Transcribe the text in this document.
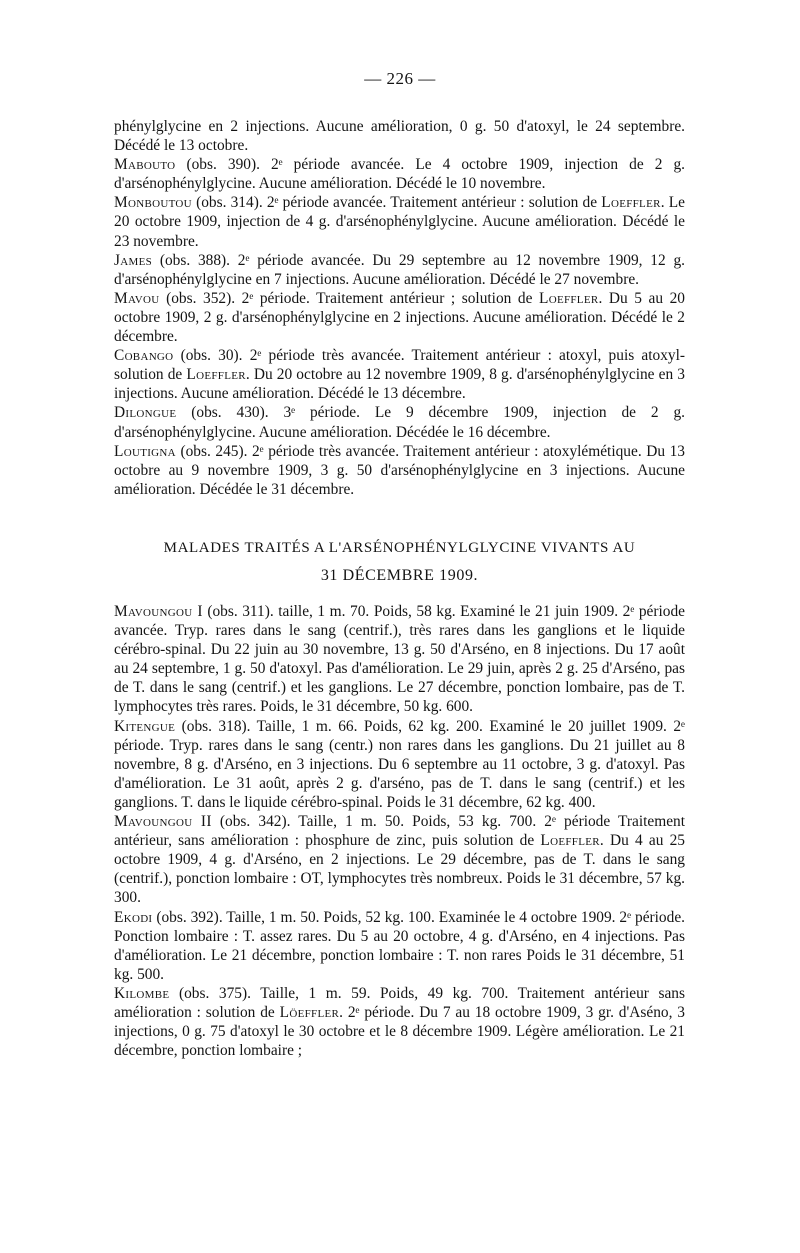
— 226 —

phénylglycine en 2 injections. Aucune amélioration, 0 g. 50 d'atoxyl, le 24 septembre. Décédé le 13 octobre.

Mabouto (obs. 390). 2ᵉ période avancée. Le 4 octobre 1909, injection de 2 g. d'arsénophénylglycine. Aucune amélioration. Décédé le 10 novembre.

Monboutou (obs. 314). 2ᵉ période avancée. Traitement antérieur : solution de Loeffler. Le 20 octobre 1909, injection de 4 g. d'arsénophénylglycine. Aucune amélioration. Décédé le 23 novembre.

James (obs. 388). 2ᵉ période avancée. Du 29 septembre au 12 novembre 1909, 12 g. d'arsénophénylglycine en 7 injections. Aucune amélioration. Décédé le 27 novembre.

Mavou (obs. 352). 2ᵉ période. Traitement antérieur ; solution de Loeffler. Du 5 au 20 octobre 1909, 2 g. d'arsénophénylglycine en 2 injections. Aucune amélioration. Décédé le 2 décembre.

Cobango (obs. 30). 2ᵉ période très avancée. Traitement antérieur : atoxyl, puis atoxyl-solution de Loeffler. Du 20 octobre au 12 novembre 1909, 8 g. d'arsénophénylglycine en 3 injections. Aucune amélioration. Décédé le 13 décembre.

Dilongue (obs. 430). 3ᵉ période. Le 9 décembre 1909, injection de 2 g. d'arsénophénylglycine. Aucune amélioration. Décédée le 16 décembre.

Loutigna (obs. 245). 2ᵉ période très avancée. Traitement antérieur : atoxylémétique. Du 13 octobre au 9 novembre 1909, 3 g. 50 d'arsénophénylglycine en 3 injections. Aucune amélioration. Décédée le 31 décembre.

MALADES TRAITÉS A L'ARSÉNOPHÉNYLGLYCINE VIVANTS AU
31 DÉCEMBRE 1909.

Mavoungou I (obs. 311). taille, 1 m. 70. Poids, 58 kg. Examiné le 21 juin 1909. 2ᵉ période avancée. Tryp. rares dans le sang (centrif.), très rares dans les ganglions et le liquide cérébro-spinal. Du 22 juin au 30 novembre, 13 g. 50 d'Arséno, en 8 injections. Du 17 août au 24 septembre, 1 g. 50 d'atoxyl. Pas d'amélioration. Le 29 juin, après 2 g. 25 d'Arséno, pas de T. dans le sang (centrif.) et les ganglions. Le 27 décembre, ponction lombaire, pas de T. lymphocytes très rares. Poids, le 31 décembre, 50 kg. 600.

Kitengue (obs. 318). Taille, 1 m. 66. Poids, 62 kg. 200. Examiné le 20 juillet 1909. 2ᵉ période. Tryp. rares dans le sang (centr.) non rares dans les ganglions. Du 21 juillet au 8 novembre, 8 g. d'Arséno, en 3 injections. Du 6 septembre au 11 octobre, 3 g. d'atoxyl. Pas d'amélioration. Le 31 août, après 2 g. d'arséno, pas de T. dans le sang (centrif.) et les ganglions. T. dans le liquide cérébro-spinal. Poids le 31 décembre, 62 kg. 400.

Mavoungou II (obs. 342). Taille, 1 m. 50. Poids, 53 kg. 700. 2ᵉ période Traitement antérieur, sans amélioration : phosphure de zinc, puis solution de Loeffler. Du 4 au 25 octobre 1909, 4 g. d'Arséno, en 2 injections. Le 29 décembre, pas de T. dans le sang (centrif.), ponction lombaire : OT, lymphocytes très nombreux. Poids le 31 décembre, 57 kg. 300.

Ekodi (obs. 392). Taille, 1 m. 50. Poids, 52 kg. 100. Examinée le 4 octobre 1909. 2ᵉ période. Ponction lombaire : T. assez rares. Du 5 au 20 octobre, 4 g. d'Arséno, en 4 injections. Pas d'amélioration. Le 21 décembre, ponction lombaire : T. non rares Poids le 31 décembre, 51 kg. 500.

Kilombe (obs. 375). Taille, 1 m. 59. Poids, 49 kg. 700. Traitement antérieur sans amélioration : solution de Löeffler. 2ᵉ période. Du 7 au 18 octobre 1909, 3 gr. d'Aséno, 3 injections, 0 g. 75 d'atoxyl le 30 octobre et le 8 décembre 1909. Légère amélioration. Le 21 décembre, ponction lombaire ;
